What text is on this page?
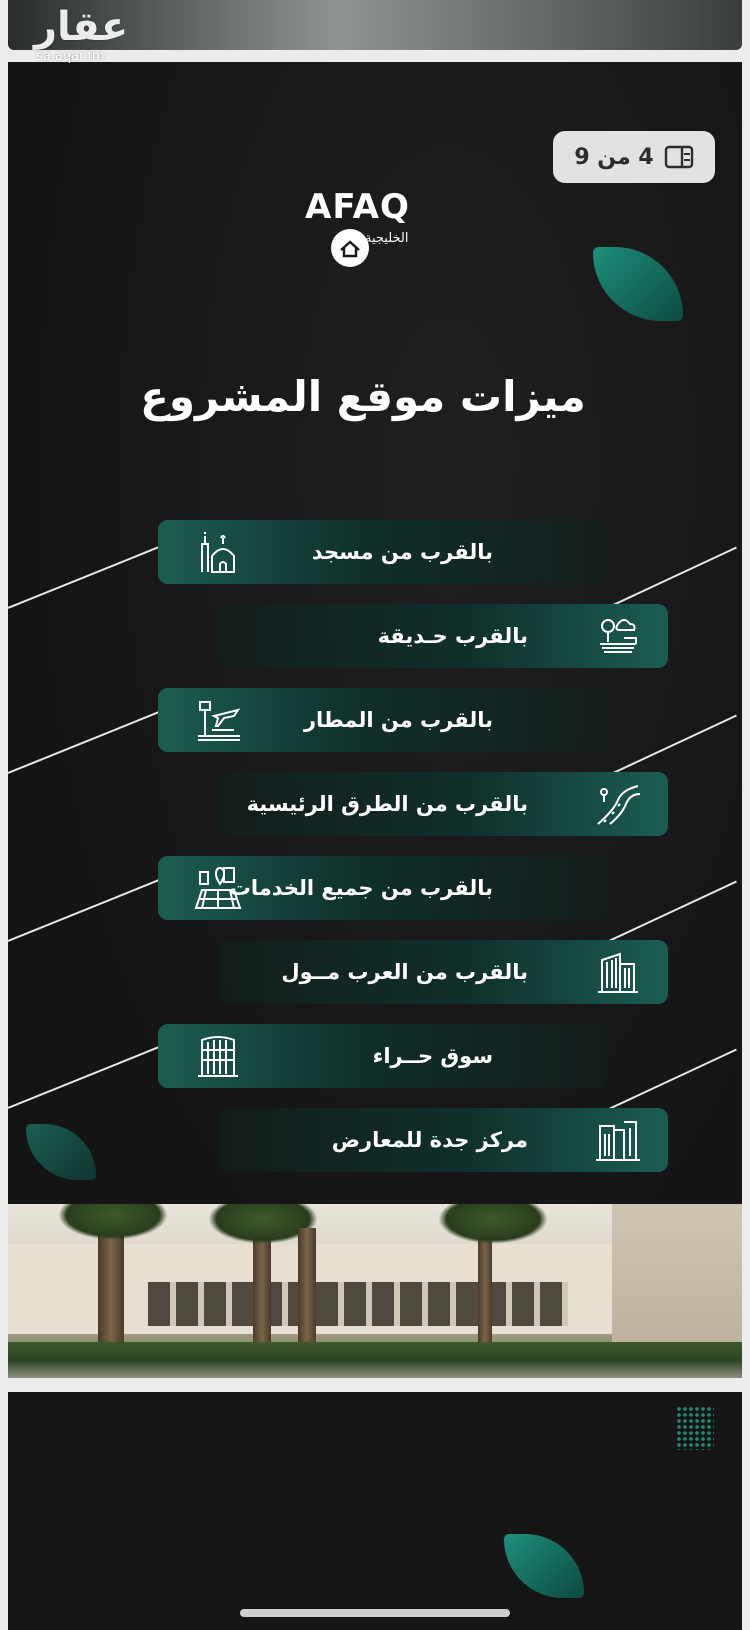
عقار
sa.aqar.fm
4 من 9
AFAQ
الخليجية
ميزات موقع المشروع
بالقرب من مسجد
بالقرب حـديقة
بالقرب من المطار
بالقرب من الطرق الرئيسية
بالقرب من جميع الخدمات
بالقرب من العرب مــول
سوق حــراء
مركز جدة للمعارض
